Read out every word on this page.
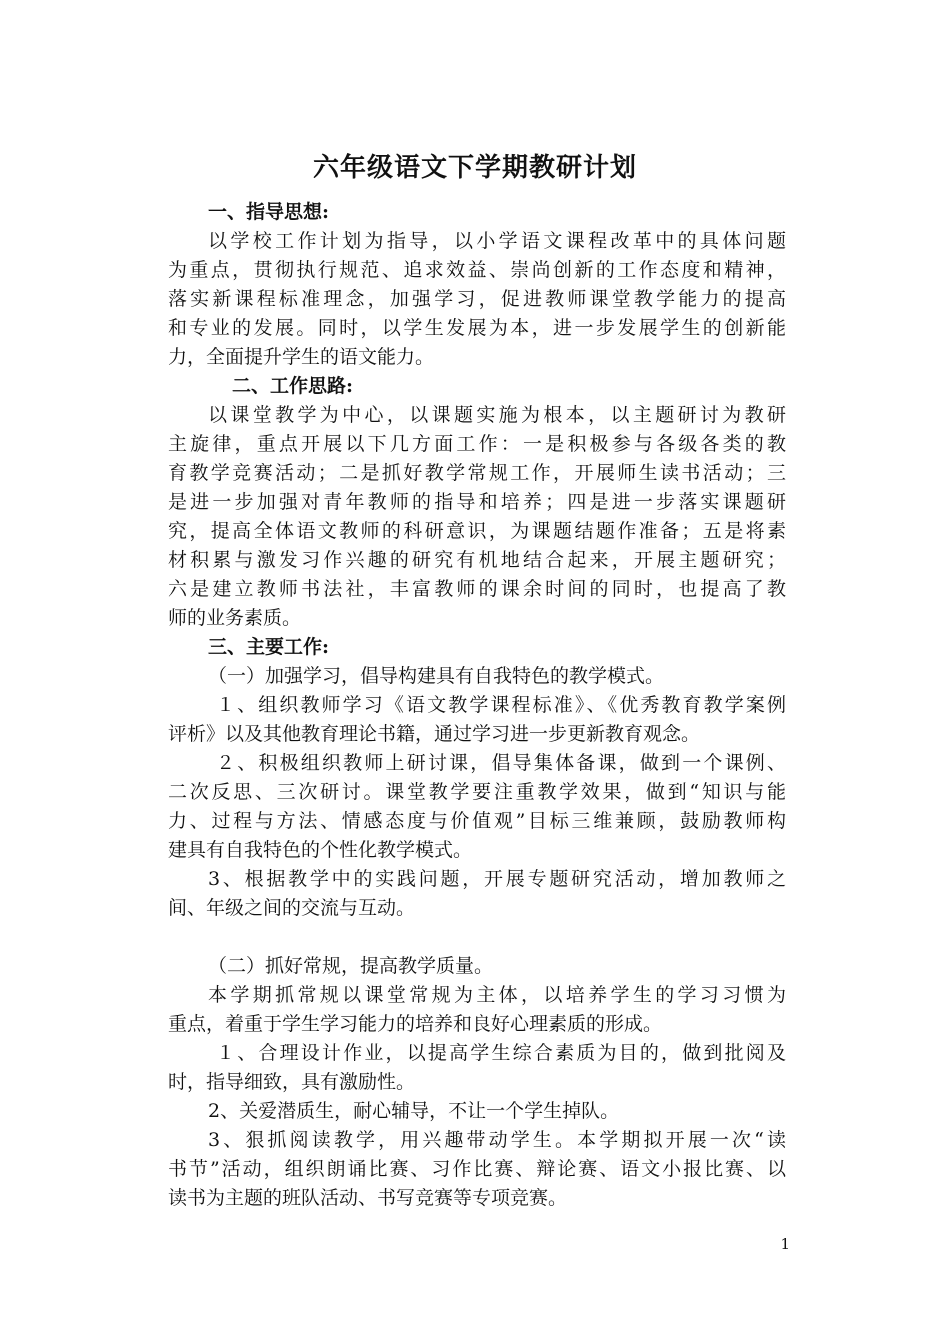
六年级语文下学期教研计划
一、指导思想:
以学校工作计划为指导，以小学语文课程改革中的具体问题
为重点，贯彻执行规范、追求效益、崇尚创新的工作态度和精神，
落实新课程标准理念，加强学习，促进教师课堂教学能力的提高
和专业的发展。同时，以学生发展为本，进一步发展学生的创新能
力，全面提升学生的语文能力。
二、工作思路:
以课堂教学为中心，以课题实施为根本，以主题研讨为教研
主旋律，重点开展以下几方面工作：一是积极参与各级各类的教
育教学竞赛活动；二是抓好教学常规工作，开展师生读书活动；三
是进一步加强对青年教师的指导和培养；四是进一步落实课题研
究，提高全体语文教师的科研意识，为课题结题作准备；五是将素
材积累与激发习作兴趣的研究有机地结合起来，开展主题研究；
六是建立教师书法社，丰富教师的课余时间的同时，也提高了教
师的业务素质。
三、主要工作:
（一）加强学习，倡导构建具有自我特色的教学模式。
１、组织教师学习《语文教学课程标准》、《优秀教育教学案例
评析》以及其他教育理论书籍，通过学习进一步更新教育观念。
２、积极组织教师上研讨课，倡导集体备课，做到一个课例、
二次反思、三次研讨。课堂教学要注重教学效果，做到“知识与能
力、过程与方法、情感态度与价值观”目标三维兼顾，鼓励教师构
建具有自我特色的个性化教学模式。
3、根据教学中的实践问题，开展专题研究活动，增加教师之
间、年级之间的交流与互动。
（二）抓好常规，提高教学质量。
本学期抓常规以课堂常规为主体，以培养学生的学习习惯为
重点，着重于学生学习能力的培养和良好心理素质的形成。
１、合理设计作业，以提高学生综合素质为目的，做到批阅及
时，指导细致，具有激励性。
2、关爱潜质生，耐心辅导，不让一个学生掉队。
3、狠抓阅读教学，用兴趣带动学生。本学期拟开展一次“读
书节”活动，组织朗诵比赛、习作比赛、辩论赛、语文小报比赛、以
读书为主题的班队活动、书写竞赛等专项竞赛。
1
